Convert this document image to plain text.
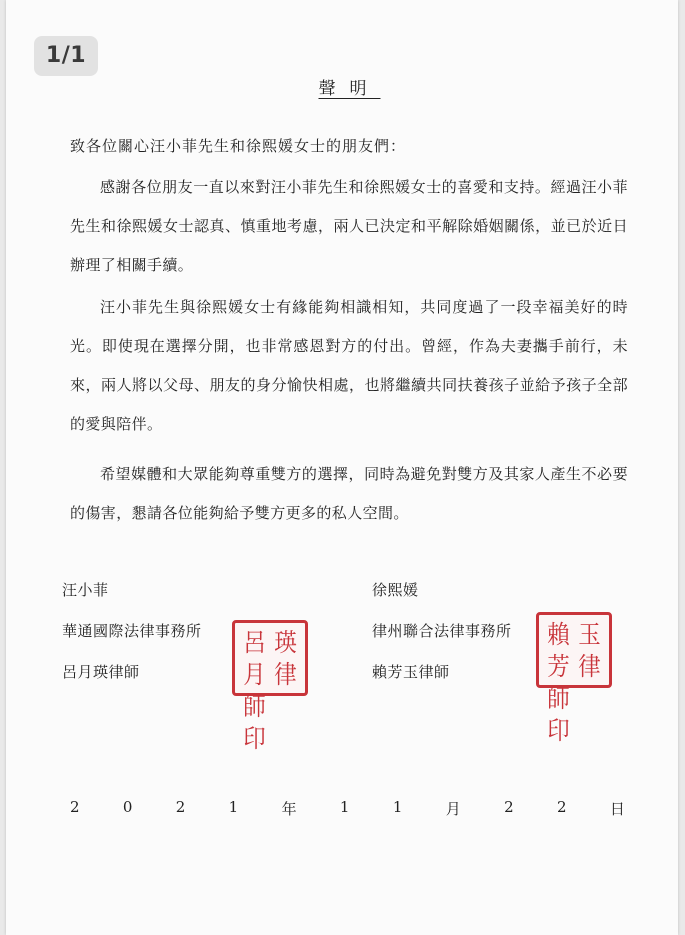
1/1
聲明
致各位關心汪小菲先生和徐熙媛女士的朋友們：
感謝各位朋友一直以來對汪小菲先生和徐熙媛女士的喜愛和支持。經過汪小菲先生和徐熙媛女士認真、慎重地考慮，兩人已決定和平解除婚姻關係，並已於近日辦理了相關手續。
汪小菲先生與徐熙媛女士有緣能夠相識相知，共同度過了一段幸福美好的時光。即使現在選擇分開，也非常感恩對方的付出。曾經，作為夫妻攜手前行，未來，兩人將以父母、朋友的身分愉快相處，也將繼續共同扶養孩子並給予孩子全部的愛與陪伴。
希望媒體和大眾能夠尊重雙方的選擇，同時為避免對雙方及其家人產生不必要的傷害，懇請各位能夠給予雙方更多的私人空間。
汪小菲
華通國際法律事務所
呂月瑛律師
呂月
瑛律
師印
徐熙媛
律州聯合法律事務所
賴芳玉律師
賴芳
玉律
師印
2	0	2	1	年	1	1	月	2	2	日
